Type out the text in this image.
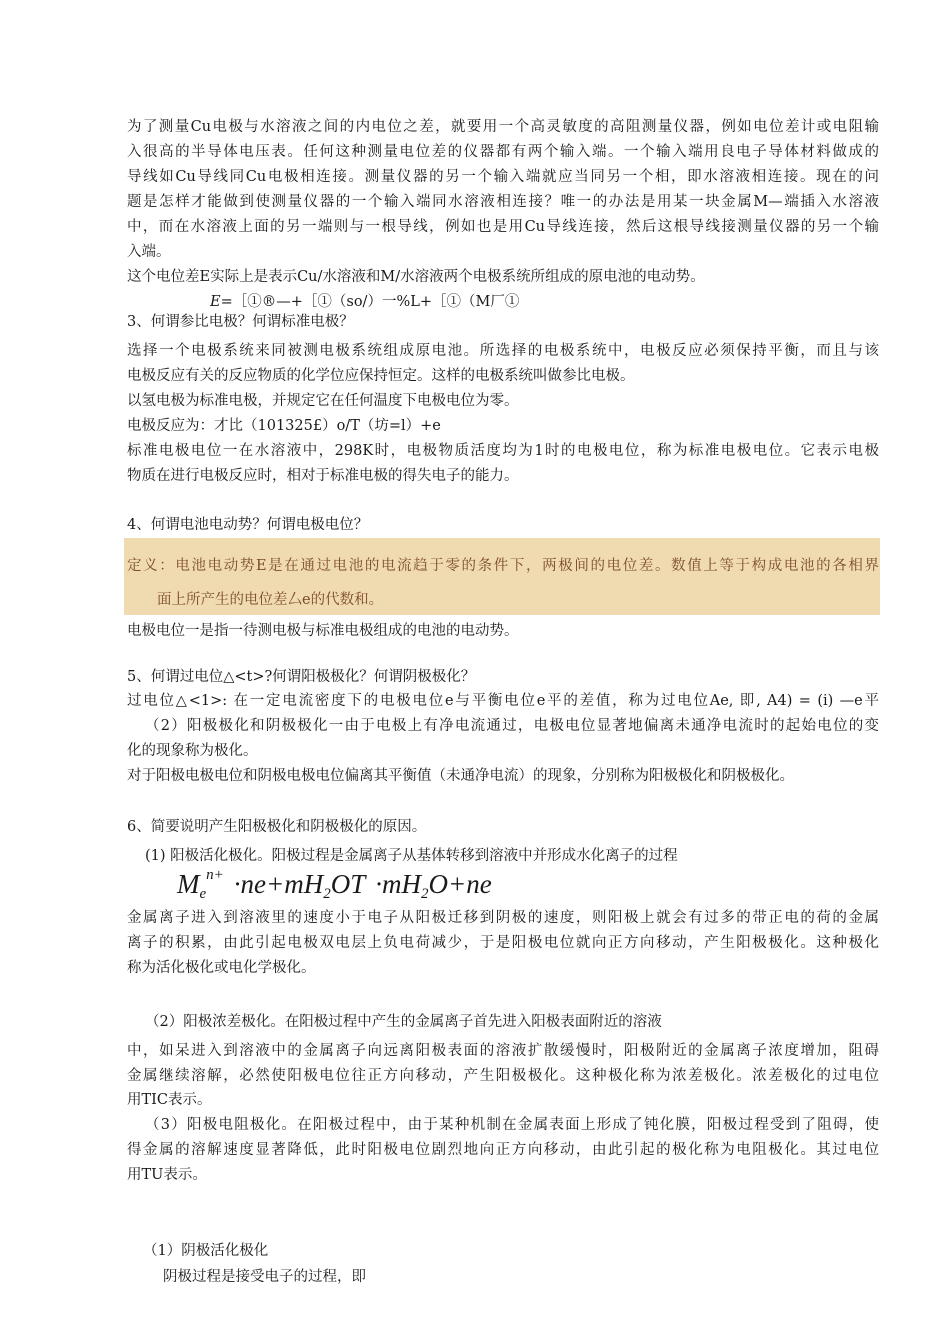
为了测量Cu电极与水溶液之间的内电位之差，就要用一个高灵敏度的高阻测量仪器，例如电位差计或电阻输
入很高的半导体电压表。任何这种测量电位差的仪器都有两个输入端。一个输入端用良电子导体材料做成的
导线如Cu导线同Cu电极相连接。测量仪器的另一个输入端就应当同另一个相，即水溶液相连接。现在的问
题是怎样才能做到使测量仪器的一个输入端同水溶液相连接？唯一的办法是用某一块金属M—端插入水溶液
中，而在水溶液上面的另一端则与一根导线，例如也是用Cu导线连接，然后这根导线接测量仪器的另一个输
入端。
这个电位差E实际上是表示Cu/水溶液和M/水溶液两个电极系统所组成的原电池的电动势。
E=［①®—+［①（so/）一%L+［①（M厂①
3、何谓参比电极？何谓标准电极？
选择一个电极系统来同被测电极系统组成原电池。所选择的电极系统中，电极反应必须保持平衡，而且与该
电极反应有关的反应物质的化学位应保持恒定。这样的电极系统叫做参比电极。
以氢电极为标准电极，并规定它在任何温度下电极电位为零。
电极反应为：才比（101325£）o/T（坊=l）+e
标准电极电位一在水溶液中，298K时，电极物质活度均为1时的电极电位，称为标准电极电位。它表示电极
物质在进行电极反应时，相对于标准电极的得失电子的能力。
4、何谓电池电动势？何谓电极电位？
定义：电池电动势E是在通过电池的电流趋于零的条件下，两极间的电位差。数值上等于构成电池的各相界
面上所产生的电位差厶e的代数和。
电极电位一是指一待测电极与标准电极组成的电池的电动势。
5、何谓过电位△<t>?何谓阳极极化？何谓阴极极化？
过电位△<1>: 在一定电流密度下的电极电位e与平衡电位e平的差值，称为过电位Ae, 即, A4) = (i) —e平
（2）阳极极化和阴极极化一由于电极上有净电流通过，电极电位显著地偏离未通净电流时的起始电位的变
化的现象称为极化。
对于阳极电极电位和阴极电极电位偏离其平衡值（未通净电流）的现象，分别称为阳极极化和阴极极化。
6、简要说明产生阳极极化和阴极极化的原因。
(1) 阳极活化极化。阳极过程是金属离子从基体转移到溶液中并形成水化离子的过程
$M_e^{n+} \cdot ne+mH_2OT \cdot mH_2O+ne$
金属离子进入到溶液里的速度小于电子从阳极迁移到阴极的速度，则阳极上就会有过多的带正电的荷的金属
离子的积累，由此引起电极双电层上负电荷减少，于是阳极电位就向正方向移动，产生阳极极化。这种极化
称为活化极化或电化学极化。
（2）阳极浓差极化。在阳极过程中产生的金属离子首先进入阳极表面附近的溶液
中，如呆进入到溶液中的金属离子向远离阳极表面的溶液扩散缓慢时，阳极附近的金属离子浓度增加，阻碍
金属继续溶解，必然使阳极电位往正方向移动，产生阳极极化。这种极化称为浓差极化。浓差极化的过电位
用TIC表示。
（3）阳极电阻极化。在阳极过程中，由于某种机制在金属表面上形成了钝化膜，阳极过程受到了阻碍，使
得金属的溶解速度显著降低，此时阳极电位剧烈地向正方向移动，由此引起的极化称为电阻极化。其过电位
用TU表示。
（1）阴极活化极化
阴极过程是接受电子的过程，即
